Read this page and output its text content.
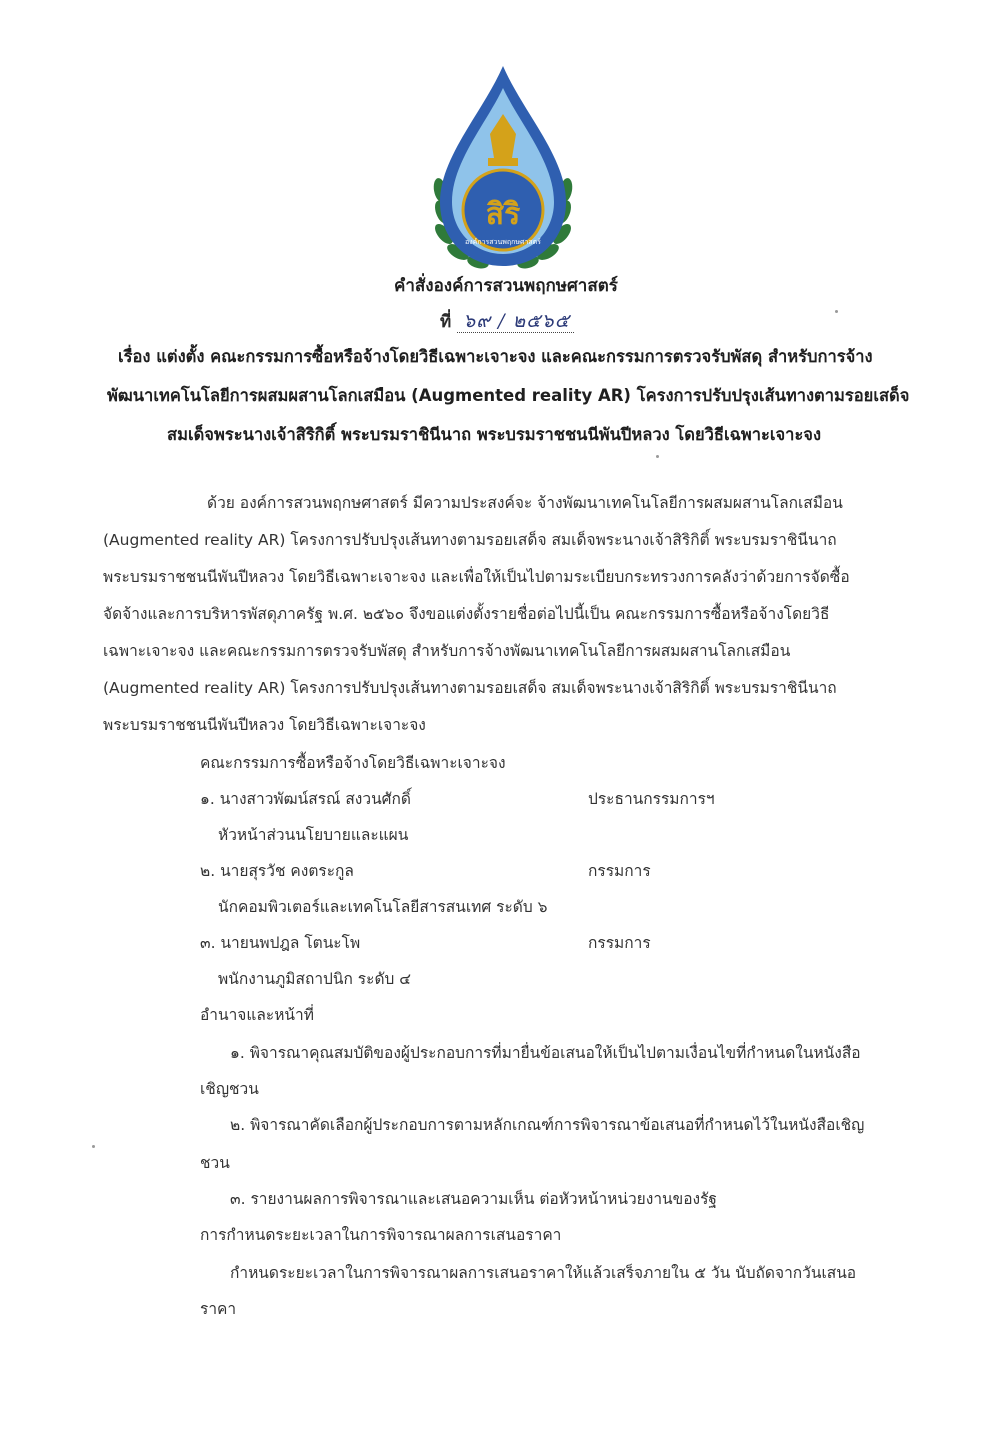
สิริ
องค์การสวนพฤกษศาสตร์
คำสั่งองค์การสวนพฤกษศาสตร์
ที่ ๖๙ / ๒๕๖๕
เรื่อง แต่งตั้ง คณะกรรมการซื้อหรือจ้างโดยวิธีเฉพาะเจาะจง และคณะกรรมการตรวจรับพัสดุ สำหรับการจ้าง
พัฒนาเทคโนโลยีการผสมผสานโลกเสมือน (Augmented reality AR) โครงการปรับปรุงเส้นทางตามรอยเสด็จ
สมเด็จพระนางเจ้าสิริกิติ์ พระบรมราชินีนาถ พระบรมราชชนนีพันปีหลวง โดยวิธีเฉพาะเจาะจง
ด้วย องค์การสวนพฤกษศาสตร์ มีความประสงค์จะ จ้างพัฒนาเทคโนโลยีการผสมผสานโลกเสมือน
(Augmented reality AR) โครงการปรับปรุงเส้นทางตามรอยเสด็จ สมเด็จพระนางเจ้าสิริกิติ์ พระบรมราชินีนาถ
พระบรมราชชนนีพันปีหลวง โดยวิธีเฉพาะเจาะจง และเพื่อให้เป็นไปตามระเบียบกระทรวงการคลังว่าด้วยการจัดซื้อ
จัดจ้างและการบริหารพัสดุภาครัฐ พ.ศ. ๒๕๖๐ จึงขอแต่งตั้งรายชื่อต่อไปนี้เป็น คณะกรรมการซื้อหรือจ้างโดยวิธี
เฉพาะเจาะจง และคณะกรรมการตรวจรับพัสดุ สำหรับการจ้างพัฒนาเทคโนโลยีการผสมผสานโลกเสมือน
(Augmented reality AR) โครงการปรับปรุงเส้นทางตามรอยเสด็จ สมเด็จพระนางเจ้าสิริกิติ์ พระบรมราชินีนาถ
พระบรมราชชนนีพันปีหลวง โดยวิธีเฉพาะเจาะจง
คณะกรรมการซื้อหรือจ้างโดยวิธีเฉพาะเจาะจง
๑. นางสาวพัฒน์สรณ์ สงวนศักดิ์	ประธานกรรมการฯ
หัวหน้าส่วนนโยบายและแผน
๒. นายสุรวัช คงตระกูล	กรรมการ
นักคอมพิวเตอร์และเทคโนโลยีสารสนเทศ ระดับ ๖
๓. นายนพปฎล โตนะโพ	กรรมการ
พนักงานภูมิสถาปนิก ระดับ ๔
อำนาจและหน้าที่
๑. พิจารณาคุณสมบัติของผู้ประกอบการที่มายื่นข้อเสนอให้เป็นไปตามเงื่อนไขที่กำหนดในหนังสือ
เชิญชวน
๒. พิจารณาคัดเลือกผู้ประกอบการตามหลักเกณฑ์การพิจารณาข้อเสนอที่กำหนดไว้ในหนังสือเชิญ
ชวน
๓. รายงานผลการพิจารณาและเสนอความเห็น ต่อหัวหน้าหน่วยงานของรัฐ
การกำหนดระยะเวลาในการพิจารณาผลการเสนอราคา
กำหนดระยะเวลาในการพิจารณาผลการเสนอราคาให้แล้วเสร็จภายใน ๕ วัน นับถัดจากวันเสนอ
ราคา
